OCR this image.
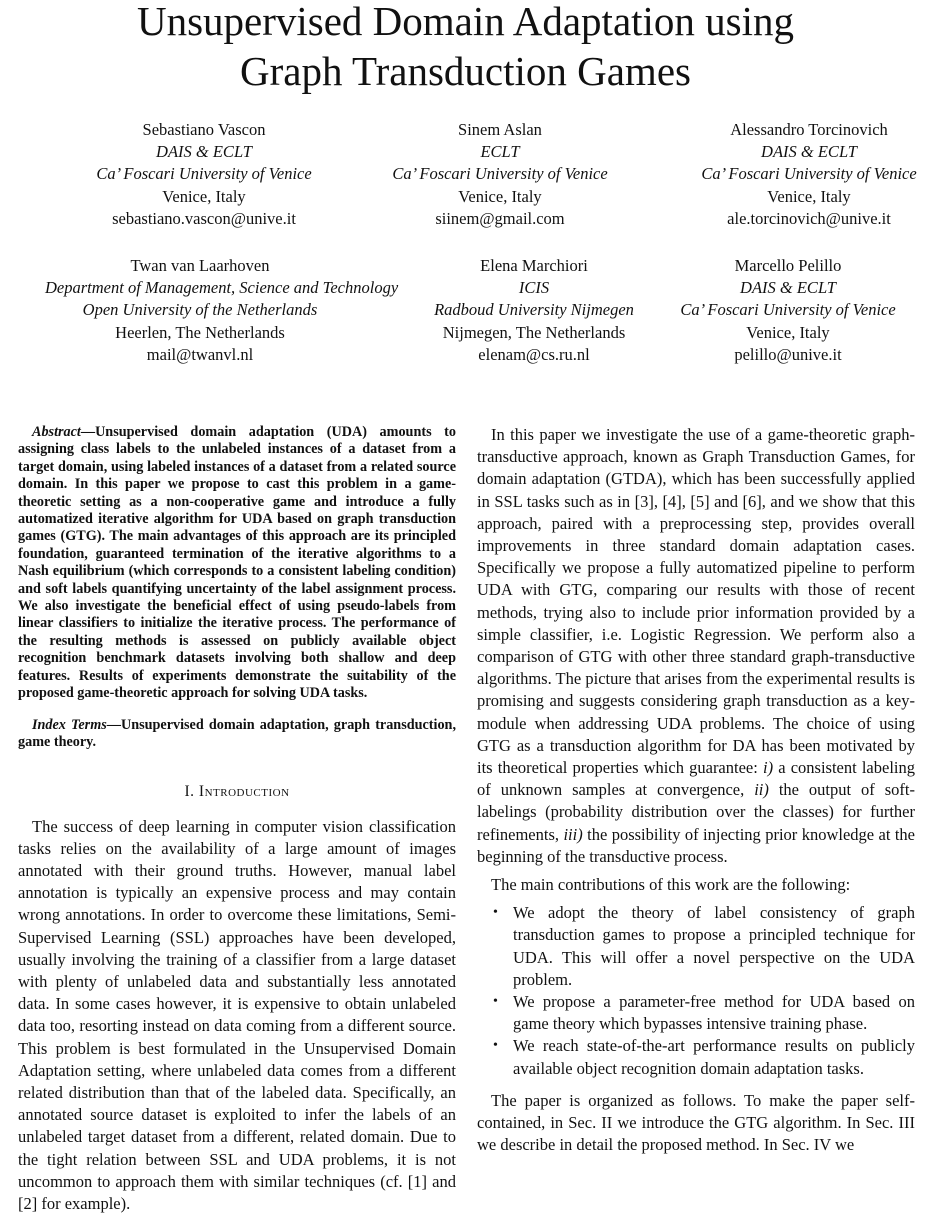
Unsupervised Domain Adaptation using
Graph Transduction Games
Sebastiano Vascon
DAIS & ECLT
Ca’ Foscari University of Venice
Venice, Italy
sebastiano.vascon@unive.it
Sinem Aslan
ECLT
Ca’ Foscari University of Venice
Venice, Italy
siinem@gmail.com
Alessandro Torcinovich
DAIS & ECLT
Ca’ Foscari University of Venice
Venice, Italy
ale.torcinovich@unive.it
Twan van Laarhoven
Department of Management, Science and Technology
Open University of the Netherlands
Heerlen, The Netherlands
mail@twanvl.nl
Elena Marchiori
ICIS
Radboud University Nijmegen
Nijmegen, The Netherlands
elenam@cs.ru.nl
Marcello Pelillo
DAIS & ECLT
Ca’ Foscari University of Venice
Venice, Italy
pelillo@unive.it

Abstract—Unsupervised domain adaptation (UDA) amounts to assigning class labels to the unlabeled instances of a dataset from a target domain, using labeled instances of a dataset from a related source domain. In this paper we propose to cast this problem in a game-theoretic setting as a non-cooperative game and introduce a fully automatized iterative algorithm for UDA based on graph transduction games (GTG). The main advantages of this approach are its principled foundation, guaranteed termination of the iterative algorithms to a Nash equilibrium (which corresponds to a consistent labeling condition) and soft labels quantifying uncertainty of the label assignment process. We also investigate the beneficial effect of using pseudo-labels from linear classifiers to initialize the iterative process. The performance of the resulting methods is assessed on publicly available object recognition benchmark datasets involving both shallow and deep features. Results of experiments demonstrate the suitability of the proposed game-theoretic approach for solving UDA tasks.

Index Terms—Unsupervised domain adaptation, graph transduction, game theory.

I. Introduction

The success of deep learning in computer vision classification tasks relies on the availability of a large amount of images annotated with their ground truths. However, manual label annotation is typically an expensive process and may contain wrong annotations. In order to overcome these limitations, Semi-Supervised Learning (SSL) approaches have been developed, usually involving the training of a classifier from a large dataset with plenty of unlabeled data and substantially less annotated data. In some cases however, it is expensive to obtain unlabeled data too, resorting instead on data coming from a different source. This problem is best formulated in the Unsupervised Domain Adaptation setting, where unlabeled data comes from a different related distribution than that of the labeled data. Specifically, an annotated source dataset is exploited to infer the labels of an unlabeled target dataset from a different, related domain. Due to the tight relation between SSL and UDA problems, it is not uncommon to approach them with similar techniques (cf. [1] and [2] for example).

In this paper we investigate the use of a game-theoretic graph-transductive approach, known as Graph Transduction Games, for domain adaptation (GTDA), which has been successfully applied in SSL tasks such as in [3], [4], [5] and [6], and we show that this approach, paired with a preprocessing step, provides overall improvements in three standard domain adaptation cases. Specifically we propose a fully automatized pipeline to perform UDA with GTG, comparing our results with those of recent methods, trying also to include prior information provided by a simple classifier, i.e. Logistic Regression. We perform also a comparison of GTG with other three standard graph-transductive algorithms. The picture that arises from the experimental results is promising and suggests considering graph transduction as a key-module when addressing UDA problems. The choice of using GTG as a transduction algorithm for DA has been motivated by its theoretical properties which guarantee: i) a consistent labeling of unknown samples at convergence, ii) the output of soft-labelings (probability distribution over the classes) for further refinements, iii) the possibility of injecting prior knowledge at the beginning of the transductive process.

The main contributions of this work are the following:

• We adopt the theory of label consistency of graph transduction games to propose a principled technique for UDA. This will offer a novel perspective on the UDA problem.
• We propose a parameter-free method for UDA based on game theory which bypasses intensive training phase.
• We reach state-of-the-art performance results on publicly available object recognition domain adaptation tasks.

The paper is organized as follows. To make the paper self-contained, in Sec. II we introduce the GTG algorithm. In Sec. III we describe in detail the proposed method. In Sec. IV we
